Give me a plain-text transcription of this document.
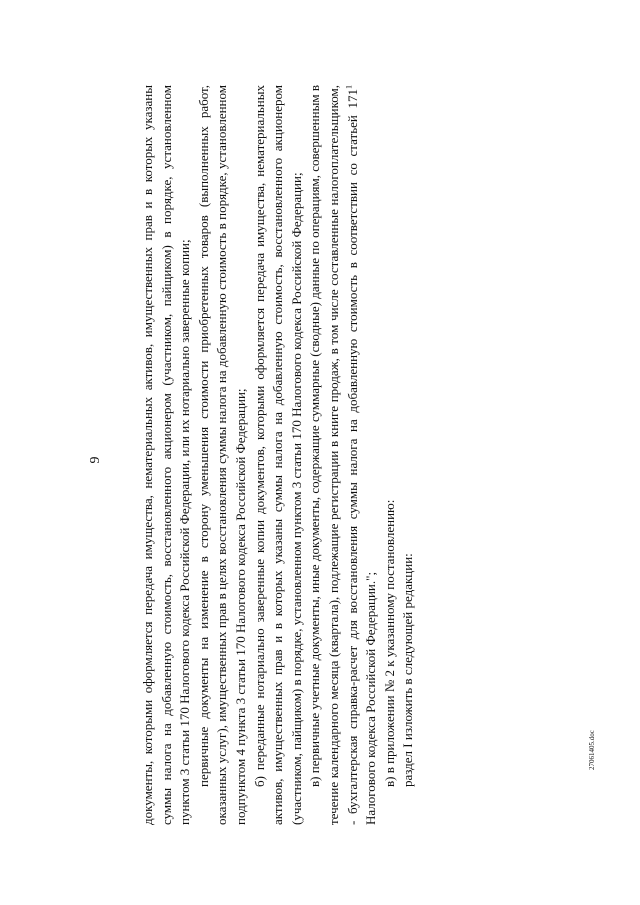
9	документы, которыми оформляется передача имущества, нематериальных активов, имущественных прав и в которых указаны суммы налога на добавленную стоимость, восстановленного акционером (участником, пайщиком) в порядке, установленном пунктом 3 статьи 170 Налогового кодекса Российской Федерации, или их нотариально заверенные копии; первичные документы на изменение в сторону уменьшения стоимости приобретенных товаров (выполненных работ, оказанных услуг), имущественных прав в целях восстановления суммы налога на добавленную стоимость в порядке, установленном подпунктом 4 пункта 3 статьи 170 Налогового кодекса Российской Федерации; б) переданные нотариально заверенные копии документов, которыми оформляется передача имущества, нематериальных активов, имущественных прав и в которых указаны суммы налога на добавленную стоимость, восстановленного акционером (участником, пайщиком) в порядке, установленном пунктом 3 статьи 170 Налогового кодекса Российской Федерации; в) первичные учетные документы, иные документы, содержащие суммарные (сводные) данные по операциям, совершенным в течение календарного месяца (квартала), подлежащие регистрации в книге продаж, в том числе составленные налогоплательщиком, - бухгалтерская справка-расчет для восстановления суммы налога на добавленную стоимость в соответствии со статьей $171^1$ Налогового кодекса Российской Федерации."; в) в приложении № 2 к указанному постановлению: раздел I изложить в следующей редакции:	27061405.doc
